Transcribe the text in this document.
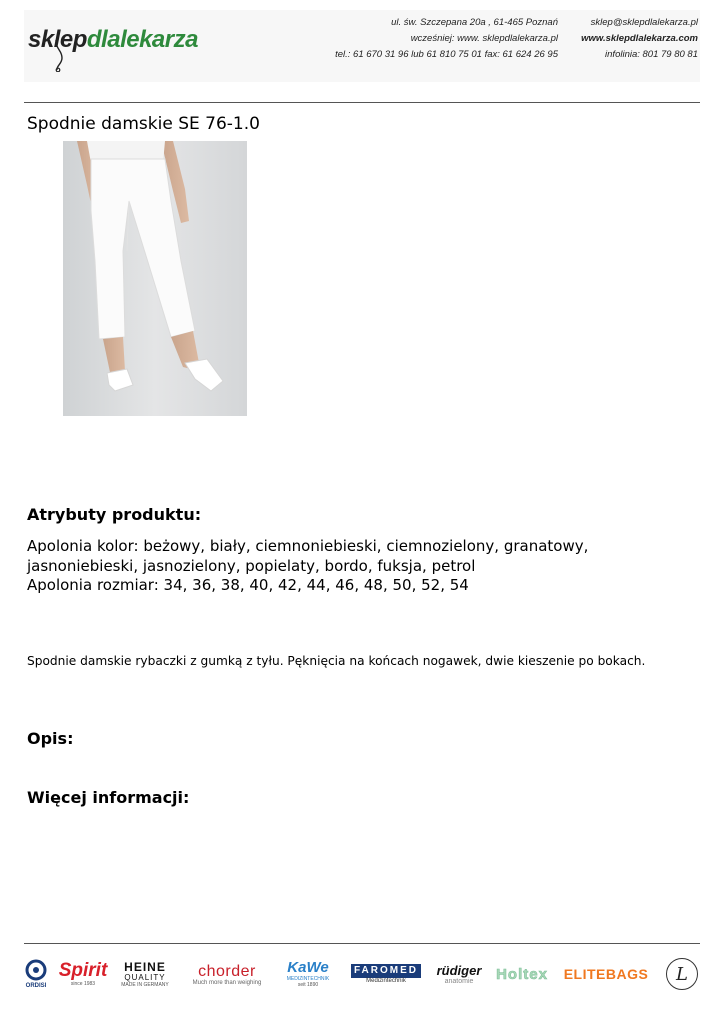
sklepdlalekarza
ul. św. Szczepana 20a , 61-465 Poznań
wcześniej: www. sklepdlalekarza.pl
tel.: 61 670 31 96 lub 61 810 75 01 fax: 61 624 26 95
sklep@sklepdlalekarza.pl
www.sklepdlalekarza.com
infolinia: 801 79 80 81
Spodnie damskie SE 76-1.0
Atrybuty produktu:
Apolonia kolor: beżowy, biały, ciemnoniebieski, ciemnozielony, granatowy,
jasnoniebieski, jasnozielony, popielaty, bordo, fuksja, petrol
Apolonia rozmiar: 34, 36, 38, 40, 42, 44, 46, 48, 50, 52, 54
Spodnie damskie rybaczki z gumką z tyłu. Pęknięcia na końcach nogawek, dwie kieszenie po bokach.
Opis:
Więcej informacji:
ORDISI
Spirit
since 1983
HEINE
QUALITY
MADE IN GERMANY
chorder
Much more than weighing
KaWe
MEDIZINTECHNIK
seit 1890
FAROMED
Medizintechnik
rüdiger
anatomie Holtex ELITEBAGS L
